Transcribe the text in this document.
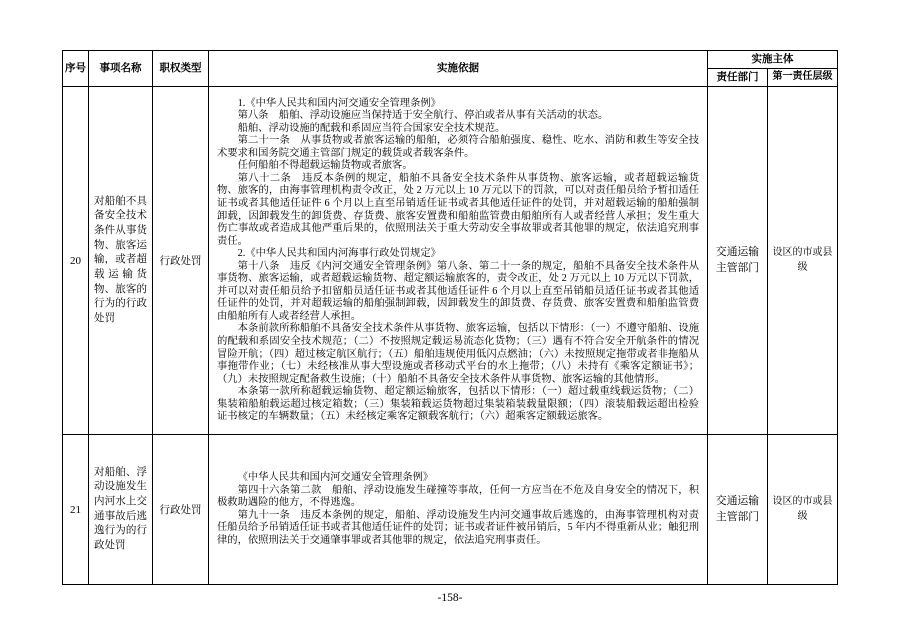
序号	事项名称	职权类型	实施依据	实施主体	
				责任部门	第一责任层级
20	对船舶不具备安全技术条件从事货物、旅客运输，或者超载运输货物、旅客的行为的行政处罚	行政处罚	

1.《中华人民共和国内河交通安全管理条例》

第八条　船舶、浮动设施应当保持适于安全航行、停泊或者从事有关活动的状态。

船舶、浮动设施的配载和系固应当符合国家安全技术规范。

第二十一条　从事货物或者旅客运输的船舶，必须符合船舶强度、稳性、吃水、消防和救生等安全技术要求和国务院交通主管部门规定的载货或者载客条件。

任何船舶不得超载运输货物或者旅客。

第八十二条　违反本条例的规定，船舶不具备安全技术条件从事货物、旅客运输，或者超载运输货物、旅客的，由海事管理机构责令改正，处 2 万元以上 10 万元以下的罚款，可以对责任船员给予暂扣适任证书或者其他适任证件 6 个月以上直至吊销适任证书或者其他适任证件的处罚，并对超载运输的船舶强制卸载，因卸载发生的卸货费、存货费、旅客安置费和船舶监管费由船舶所有人或者经营人承担；发生重大伤亡事故或者造成其他严重后果的，依照刑法关于重大劳动安全事故罪或者其他罪的规定，依法追究刑事责任。

2.《中华人民共和国内河海事行政处罚规定》

第十八条　违反《内河交通安全管理条例》第八条、第二十一条的规定，船舶不具备安全技术条件从事货物、旅客运输，或者超载运输货物、超定额运输旅客的，责令改正，处 2 万元以上 10 万元以下罚款，并可以对责任船员给予扣留船员适任证书或者其他适任证件 6 个月以上直至吊销船员适任证书或者其他适任证件的处罚，并对超载运输的船舶强制卸载，因卸载发生的卸货费、存货费、旅客安置费和船舶监管费由船舶所有人或者经营人承担。

本条前款所称船舶不具备安全技术条件从事货物、旅客运输，包括以下情形：（一）不遵守船舶、设施的配载和系固安全技术规范；（二）不按照规定载运易流态化货物；（三）遇有不符合安全开航条件的情况冒险开航；（四）超过核定航区航行；（五）船舶违规使用低闪点燃油；（六）未按照规定拖带或者非拖船从事拖带作业；（七）未经核准从事大型设施或者移动式平台的水上拖带；（八）未持有《乘客定额证书》；（九）未按照规定配备救生设施；（十）船舶不具备安全技术条件从事货物、旅客运输的其他情形。

本条第一款所称超载运输货物、超定额运输旅客，包括以下情形：（一）超过载重线载运货物；（二）集装箱船舶载运超过核定箱数；（三）集装箱载运货物超过集装箱装载量限额；（四）滚装船载运超出检验证书核定的车辆数量；（五）未经核定乘客定额载客航行；（六）超乘客定额载运旅客。

	交通运输主管部门	设区的市或县级
21	对船舶、浮动设施发生内河水上交通事故后逃逸行为的行政处罚	行政处罚	《中华人民共和国内河交通安全管理条例》

第四十六条第二款　船舶、浮动设施发生碰撞等事故，任何一方应当在不危及自身安全的情况下，积极救助遇险的他方，不得逃逸。

第九十一条　违反本条例的规定，船舶、浮动设施发生内河交通事故后逃逸的，由海事管理机构对责任船员给予吊销适任证书或者其他适任证件的处罚；证书或者证件被吊销后，5 年内不得重新从业；触犯刑律的，依照刑法关于交通肇事罪或者其他罪的规定，依法追究刑事责任。	交通运输主管部门	设区的市或县级
-158-
